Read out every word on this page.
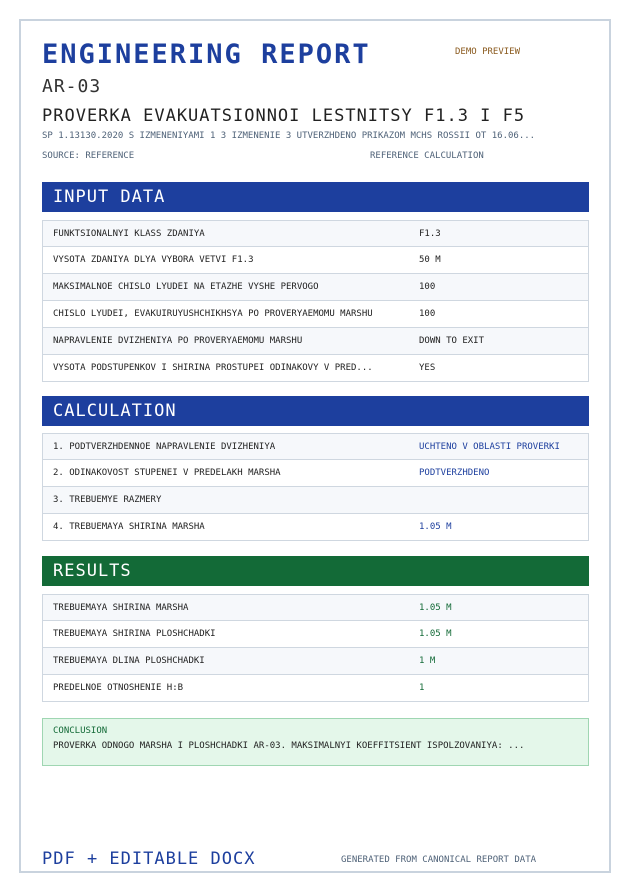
ENGINEERING REPORT	DEMO PREVIEW
AR-03
PROVERKA EVAKUATSIONNOI LESTNITSY F1.3 I F5
SP 1.13130.2020 S IZMENENIYAMI 1 3 IZMENENIE 3 UTVERZHDENO PRIKAZOM MCHS ROSSII OT 16.06...
SOURCE: REFERENCE	REFERENCE CALCULATION
INPUT DATA
FUNKTSIONALNYI KLASS ZDANIYA	F1.3
VYSOTA ZDANIYA DLYA VYBORA VETVI F1.3	50 M
MAKSIMALNOE CHISLO LYUDEI NA ETAZHE VYSHE PERVOGO	100
CHISLO LYUDEI, EVAKUIRUYUSHCHIKHSYA PO PROVERYAEMOMU MARSHU	100
NAPRAVLENIE DVIZHENIYA PO PROVERYAEMOMU MARSHU	DOWN TO EXIT
VYSOTA PODSTUPENKOV I SHIRINA PROSTUPEI ODINAKOVY V PRED...	YES
CALCULATION
1. PODTVERZHDENNOE NAPRAVLENIE DVIZHENIYA	UCHTENO V OBLASTI PROVERKI
2. ODINAKOVOST STUPENEI V PREDELAKH MARSHA	PODTVERZHDENO
3. TREBUEMYE RAZMERY
4. TREBUEMAYA SHIRINA MARSHA	1.05 M
RESULTS
TREBUEMAYA SHIRINA MARSHA	1.05 M
TREBUEMAYA SHIRINA PLOSHCHADKI	1.05 M
TREBUEMAYA DLINA PLOSHCHADKI	1 M
PREDELNOE OTNOSHENIE H:B	1
CONCLUSION
PROVERKA ODNOGO MARSHA I PLOSHCHADKI AR-03. MAKSIMALNYI KOEFFITSIENT ISPOLZOVANIYA: ...
PDF + EDITABLE DOCX	GENERATED FROM CANONICAL REPORT DATA
